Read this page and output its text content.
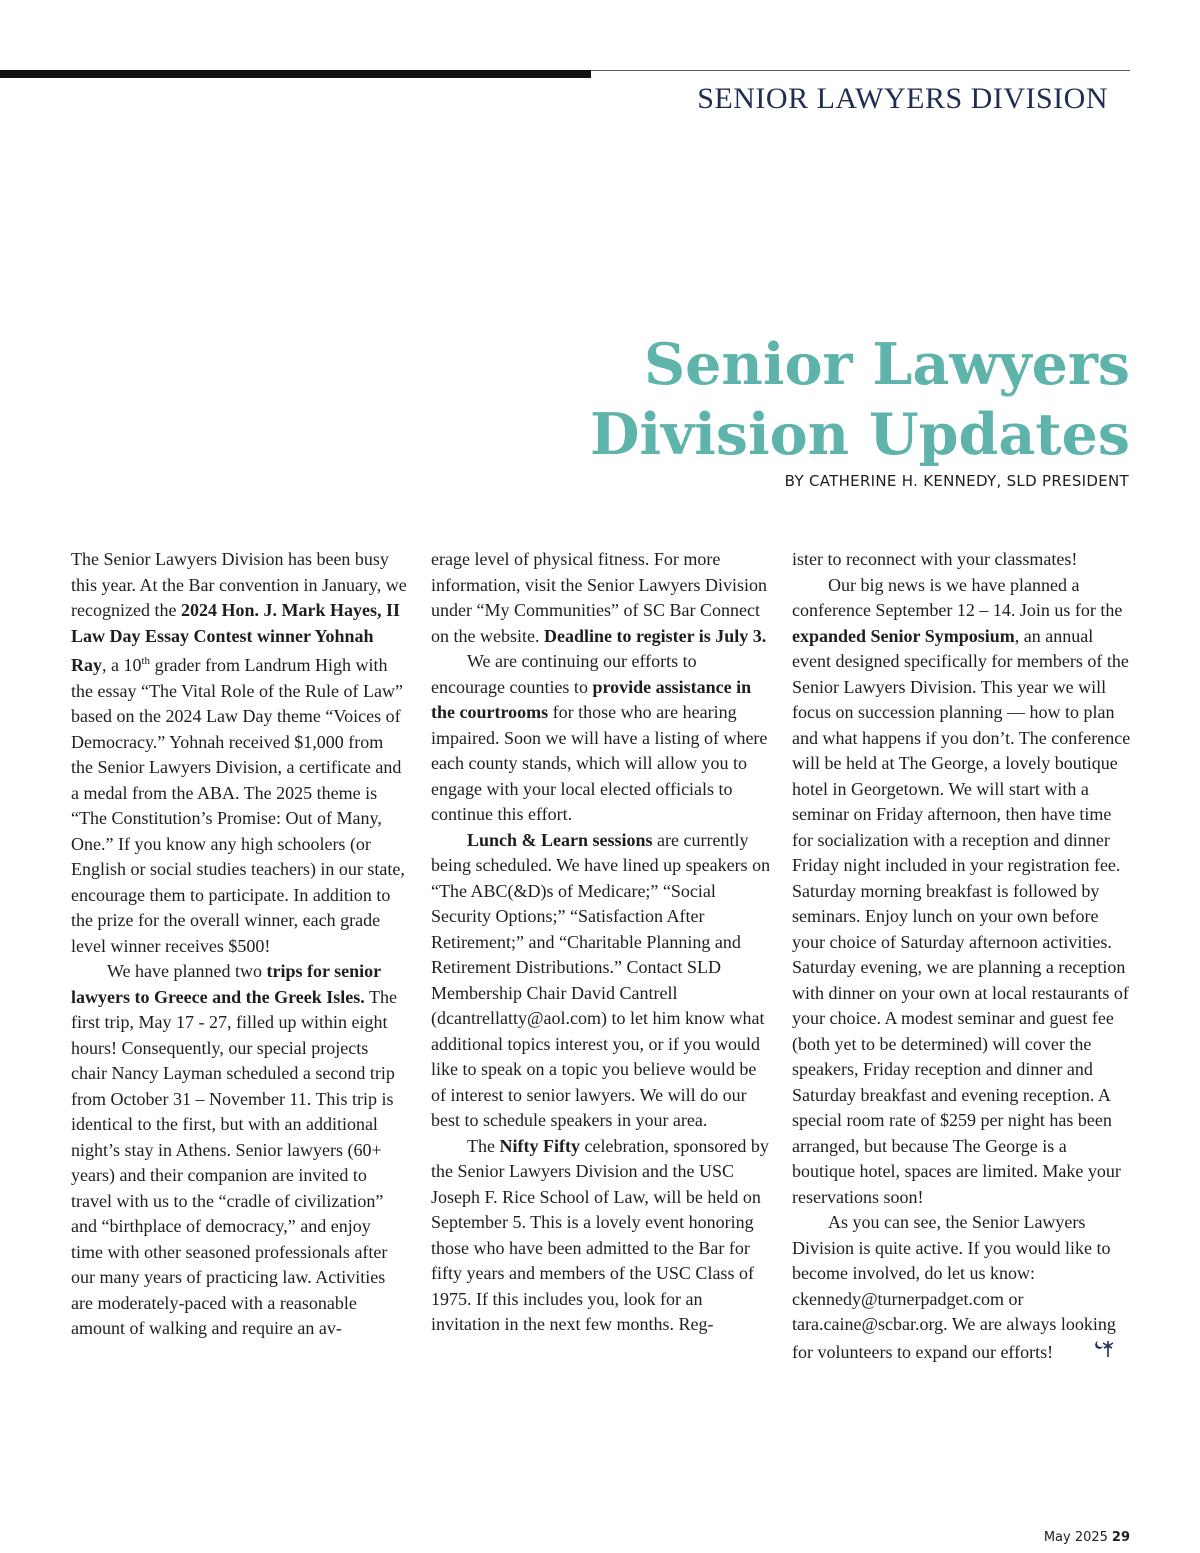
SENIOR LAWYERS DIVISION
Senior Lawyers
Division Updates
BY CATHERINE H. KENNEDY, SLD PRESIDENT

The Senior Lawyers Division has been busy this year. At the Bar convention in January, we recognized the 2024 Hon. J. Mark Hayes, II Law Day Essay Contest winner Yohnah Ray, a 10th grader from Landrum High with the essay “The Vital Role of the Rule of Law” based on the 2024 Law Day theme “Voices of Democracy.” Yohnah received $1,000 from the Senior Lawyers Division, a certificate and a medal from the ABA. The 2025 theme is “The Constitution’s Promise: Out of Many, One.” If you know any high schoolers (or English or social studies teachers) in our state, encourage them to participate. In addition to the prize for the overall winner, each grade level winner receives $500!

We have planned two trips for senior lawyers to Greece and the Greek Isles. The first trip, May 17 - 27, filled up within eight hours! Consequently, our special projects chair Nancy Layman scheduled a second trip from October 31 – November 11. This trip is identical to the first, but with an additional night’s stay in Athens. Senior lawyers (60+ years) and their companion are invited to travel with us to the “cradle of civilization” and “birthplace of democracy,” and enjoy time with other seasoned professionals after our many years of practicing law. Activities are moderately-paced with a reasonable amount of walking and require an av-

erage level of physical fitness. For more information, visit the Senior Lawyers Division under “My Communities” of SC Bar Connect on the website. Deadline to register is July 3.

We are continuing our efforts to encourage counties to provide assistance in the courtrooms for those who are hearing impaired. Soon we will have a listing of where each county stands, which will allow you to engage with your local elected officials to continue this effort.

Lunch & Learn sessions are currently being scheduled. We have lined up speakers on “The ABC(&D)s of Medicare;” “Social Security Options;” “Satisfaction After Retirement;” and “Charitable Planning and Retirement Distributions.” Contact SLD Membership Chair David Cantrell (dcantrellatty@aol.com) to let him know what additional topics interest you, or if you would like to speak on a topic you believe would be of interest to senior lawyers. We will do our best to schedule speakers in your area.

The Nifty Fifty celebration, sponsored by the Senior Lawyers Division and the USC Joseph F. Rice School of Law, will be held on September 5. This is a lovely event honoring those who have been admitted to the Bar for fifty years and members of the USC Class of 1975. If this includes you, look for an invitation in the next few months. Reg-

ister to reconnect with your classmates!

Our big news is we have planned a conference September 12 – 14. Join us for the expanded Senior Symposium, an annual event designed specifically for members of the Senior Lawyers Division. This year we will focus on succession planning — how to plan and what happens if you don’t. The conference will be held at The George, a lovely boutique hotel in Georgetown. We will start with a seminar on Friday afternoon, then have time for socialization with a reception and dinner Friday night included in your registration fee. Saturday morning breakfast is followed by seminars. Enjoy lunch on your own before your choice of Saturday afternoon activities. Saturday evening, we are planning a reception with dinner on your own at local restaurants of your choice. A modest seminar and guest fee (both yet to be determined) will cover the speakers, Friday reception and dinner and Saturday breakfast and evening reception. A special room rate of $259 per night has been arranged, but because The George is a boutique hotel, spaces are limited. Make your reservations soon!

As you can see, the Senior Lawyers Division is quite active. If you would like to become involved, do let us know: ckennedy@turnerpadget.com or tara.caine@scbar.org. We are always looking for volunteers to expand our efforts!

May 2025 29
